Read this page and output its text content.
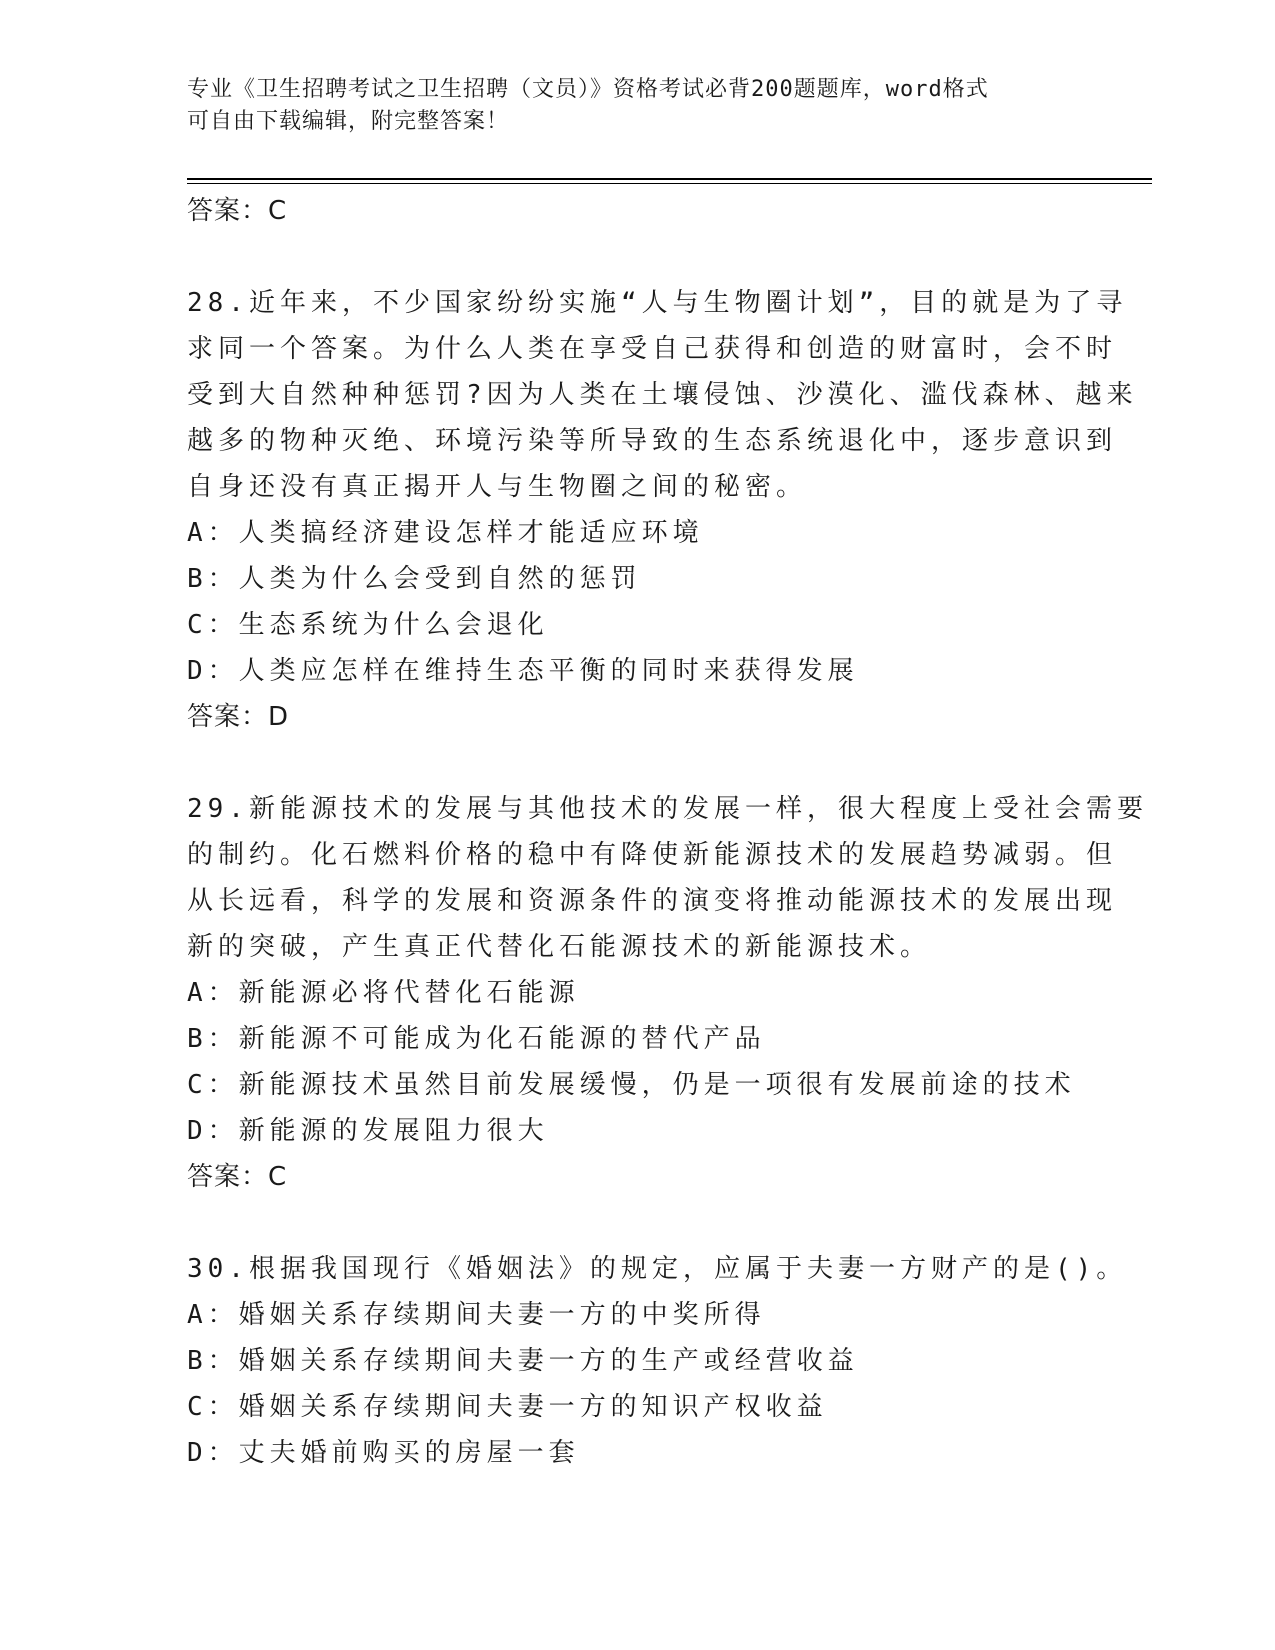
专业《卫生招聘考试之卫生招聘（文员）》资格考试必背200题题库，word格式
可自由下载编辑，附完整答案！
答案：C
28.近年来，不少国家纷纷实施“人与生物圈计划”，目的就是为了寻
求同一个答案。为什么人类在享受自己获得和创造的财富时，会不时
受到大自然种种惩罚?因为人类在土壤侵蚀、沙漠化、滥伐森林、越来
越多的物种灭绝、环境污染等所导致的生态系统退化中，逐步意识到
自身还没有真正揭开人与生物圈之间的秘密。
A：人类搞经济建设怎样才能适应环境
B：人类为什么会受到自然的惩罚
C：生态系统为什么会退化
D：人类应怎样在维持生态平衡的同时来获得发展
答案：D
29.新能源技术的发展与其他技术的发展一样，很大程度上受社会需要
的制约。化石燃料价格的稳中有降使新能源技术的发展趋势减弱。但
从长远看，科学的发展和资源条件的演变将推动能源技术的发展出现
新的突破，产生真正代替化石能源技术的新能源技术。
A：新能源必将代替化石能源
B：新能源不可能成为化石能源的替代产品
C：新能源技术虽然目前发展缓慢，仍是一项很有发展前途的技术
D：新能源的发展阻力很大
答案：C
30.根据我国现行《婚姻法》的规定，应属于夫妻一方财产的是()。
A：婚姻关系存续期间夫妻一方的中奖所得
B：婚姻关系存续期间夫妻一方的生产或经营收益
C：婚姻关系存续期间夫妻一方的知识产权收益
D：丈夫婚前购买的房屋一套
